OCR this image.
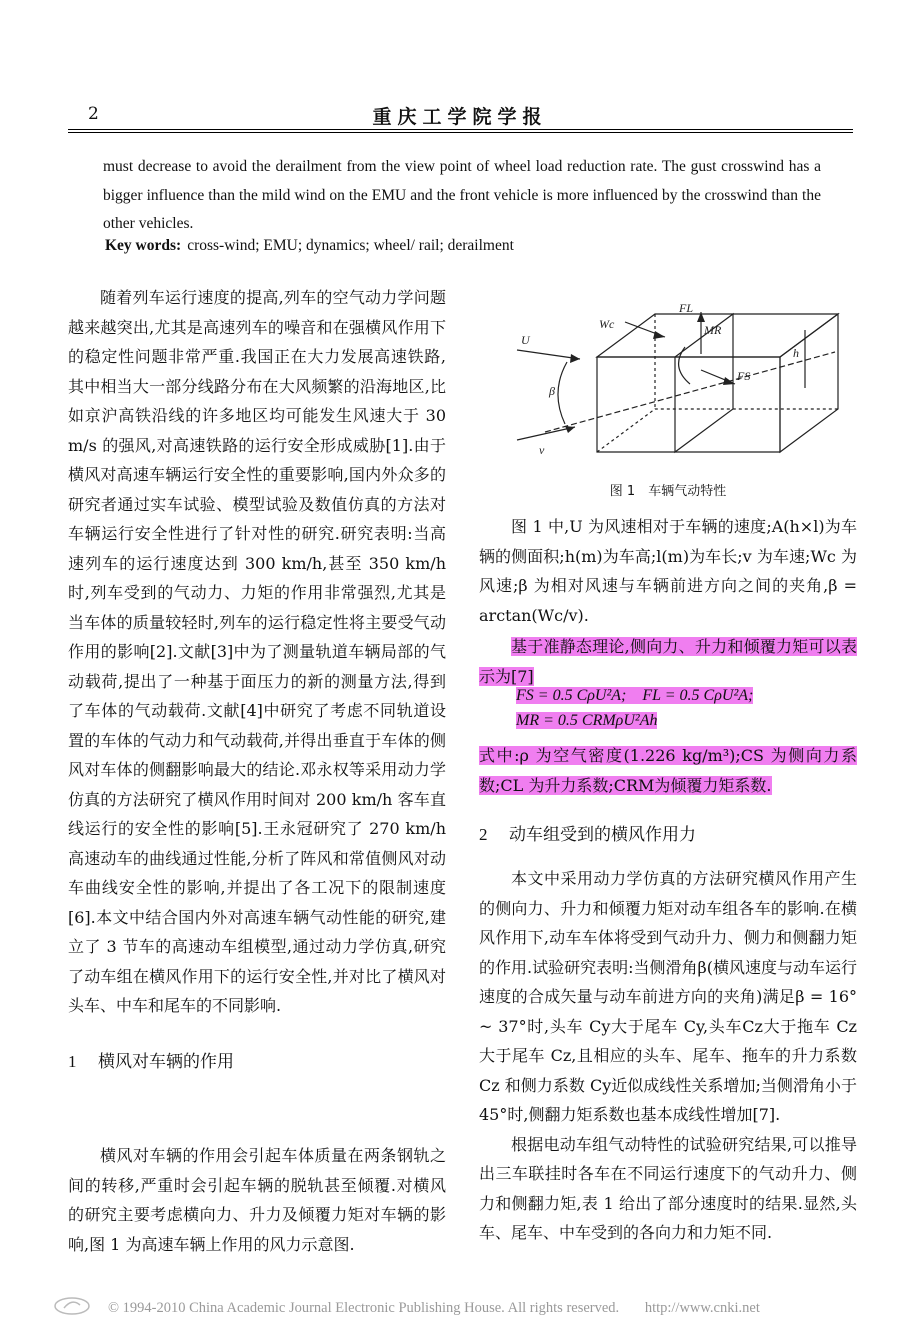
2	重庆工学院学报
must decrease to avoid the derailment from the view point of wheel load reduction rate. The gust crosswind has a bigger influence than the mild wind on the EMU and the front vehicle is more influenced by the crosswind than the other vehicles.
Key words: cross-wind; EMU; dynamics; wheel/ rail; derailment

随着列车运行速度的提高,列车的空气动力学问题越来越突出,尤其是高速列车的噪音和在强横风作用下的稳定性问题非常严重.我国正在大力发展高速铁路,其中相当大一部分线路分布在大风频繁的沿海地区,比如京沪高铁沿线的许多地区均可能发生风速大于 30 m/s 的强风,对高速铁路的运行安全形成威胁[1].由于横风对高速车辆运行安全性的重要影响,国内外众多的研究者通过实车试验、模型试验及数值仿真的方法对车辆运行安全性进行了针对性的研究.研究表明:当高速列车的运行速度达到 300 km/h,甚至 350 km/h 时,列车受到的气动力、力矩的作用非常强烈,尤其是当车体的质量较轻时,列车的运行稳定性将主要受气动作用的影响[2].文献[3]中为了测量轨道车辆局部的气动载荷,提出了一种基于面压力的新的测量方法,得到了车体的气动载荷.文献[4]中研究了考虑不同轨道设置的车体的气动力和气动载荷,并得出垂直于车体的侧风对车体的侧翻影响最大的结论.邓永权等采用动力学仿真的方法研究了横风作用时间对 200 km/h 客车直线运行的安全性的影响[5].王永冠研究了 270 km/h高速动车的曲线通过性能,分析了阵风和常值侧风对动车曲线安全性的影响,并提出了各工况下的限制速度[6].本文中结合国内外对高速车辆气动性能的研究,建立了 3 节车的高速动车组模型,通过动力学仿真,研究了动车组在横风作用下的运行安全性,并对比了横风对头车、中车和尾车的不同影响.

1 横风对车辆的作用

横风对车辆的作用会引起车体质量在两条钢轨之间的转移,严重时会引起车辆的脱轨甚至倾覆.对横风的研究主要考虑横向力、升力及倾覆力矩对车辆的影响,图 1 为高速车辆上作用的风力示意图.

U
Wc
β
v
FL
MR
FS
h
图 1　车辆气动特性

图 1 中,U 为风速相对于车辆的速度;A(h×l)为车辆的侧面积;h(m)为车高;l(m)为车长;v 为车速;Wc 为风速;β 为相对风速与车辆前进方向之间的夹角,β = arctan(Wc/v).

基于准静态理论,侧向力、升力和倾覆力矩可以表示为[7]

FS = 0.5 CρU²A;　FL = 0.5 CρU²A;
MR = 0.5 CRMρU²Ah
式中:ρ 为空气密度(1.226 kg/m³);CS 为侧向力系数;CL 为升力系数;CRM为倾覆力矩系数.
2 动车组受到的横风作用力

本文中采用动力学仿真的方法研究横风作用产生的侧向力、升力和倾覆力矩对动车组各车的影响.在横风作用下,动车车体将受到气动升力、侧力和侧翻力矩的作用.试验研究表明:当侧滑角β(横风速度与动车运行速度的合成矢量与动车前进方向的夹角)满足β = 16° ~ 37°时,头车 Cy大于尾车 Cy,头车Cz大于拖车 Cz 大于尾车 Cz,且相应的头车、尾车、拖车的升力系数 Cz 和侧力系数 Cy近似成线性关系增加;当侧滑角小于 45°时,侧翻力矩系数也基本成线性增加[7].

根据电动车组气动特性的试验研究结果,可以推导出三车联挂时各车在不同运行速度下的气动升力、侧力和侧翻力矩,表 1 给出了部分速度时的结果.显然,头车、尾车、中车受到的各向力和力矩不同.

© 1994-2010 China Academic Journal Electronic Publishing House. All rights reserved. http://www.cnki.net
